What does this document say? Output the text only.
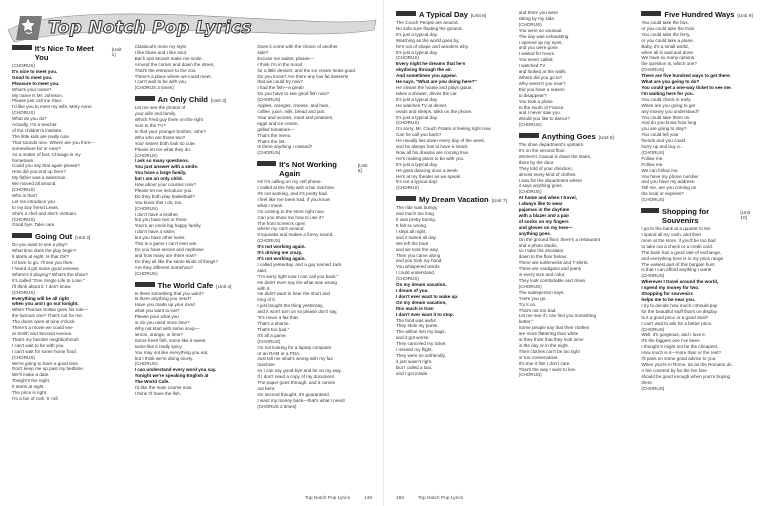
Top Notch Pop Lyrics
It's Nice To Meet You
[Unit 1]
(CHORUS)
It's nice to meet you.
Good to meet you.
Pleasure to meet you.
What's your name?
My name is Mr. Johnson.
Please just call me Stan.
I'd like you to meet my wife, Mary Anne.
(CHORUS)
What do you do?
Actually, I'm a teacher
of the children's institute.
The little kids are really cute.
That sounds nice. Where are you from—
somewhere far or near?
As a matter of fact, Chicago is my
hometown.
Could you say that again please?
How did you end up here?
My father was a salesman.
We moved all around.
(CHORUS)
Who is that?
Let me introduce you
to my boy friend Lewis.
She's a chef and she's Vietnam.
(CHORUS)
Good bye. Take care.
Going Out [Unit 2]
Do you want to see a play?
What time does the play begin?
It starts at eight. Is that OK?
I'd love to go. I'll see you then.
I heard it got some good reviews.
Where's it playing? What's the show?
It's called "One Single Life to Lose."
I'll think about it. I don't know.
(CHORUS)
Everything will be all right
when you and I go out tonight.
When Thomas Soltan goes his role—
the famous one? That's not for me.
The doors open at nine o'clock.
There's a movie we could see
at Smith and Second Avenue.
That's my favorite neighborhood!
I can't wait to be with you.
I can't wait for some home food.
(CHORUS)
We're going to have a good time.
Don't keep me up past my bedtime.
We'll make a date.
Tonight's the night.
It starts at eight.
The price is right.
I'm a fan of rock 'n' roll.
Classical's more my style.
I like blues and I like soul.
Bach and Mozart make me smile.
Around the corner and down the street,
That's the entrance to the zoo.
There's a place where we could meet.
I can't wait to be with you.
(CHORUS 2 times)
An Only Child [Unit 3]
Let me see the photos of
your wife and family.
Which Fred guy there on the right
next to the TV?
Is that your younger brother, John?
Who who are those two?
Your sisters both look so cute.
Please let me what they do.
(CHORUS)
I ask so many questions.
You just answer with a smile.
You have a large family,
but I am an only child.
How about your cousins now?
Please let me introduce you.
Do they both play basketball?
You know that I do, too.
(CHORUS)
I don't have a brother,
but you have two or three.
You're an uncle big happy family.
I don't have a sister,
but you have other twins.
This is a game I can't ever win.
Do you have nieces and nephews
and how many are there now?
Do they all like the same kinds of things?
Are they different somehow?
(CHORUS)
The World Cafe [Unit 4]
Is there something that you want?
Is there anything you need?
Have you made up your mind
what you want to eat?
Please pour what you
or do you need more time?
Why not start with some soup—
lemon, orange, or lime?
Some fresh fish, some like it sweet,
some like it really spicy.
You may not like everything you eat,
but I think we're doing nicely.
(CHORUS)
I can understand every word you say.
Tonight we're speaking English at
The World Cafe.
I'd like the main course now.
I think I'll have the fish.
Does it come with the choice of another
side?
Excuse me waiter, please—
I think I'm in the mood
for a little dessert, and the ice cream looks good.
Do you know? Are there any low fat desserts
that we could try now?
I had the fish—a great!
Do you have to see good fish now?
(CHORUS)
Apples, oranges, cheese, and ham,
coffee, juice, milk, bread and jam.
Your and scones, meat and potatoes,
eggs and ice cream,
grilled tomatoes—
That's the menu.
That's the list.
Is there anything I missed?
(CHORUS)
It's Not Working Again
[Unit 5]
Hi! I'm calling on my cell phone.
I called at the help with a fax machine.
It's not working, and it's pretty bad.
I feel like I've been had. If you know
what I mean.
I'm coming to the store right now.
Can you show me how to use it?
The front screen's open
where my cat's around.
It squeaks and makes a funny sound.
(CHORUS)
It's not working again.
It's driving me crazy.
It's not working again.
I called yesterday, and a guy named Jack
said,
"I'm sorry right now I can call you back."
He didn't even say the what was wrong
with it.
He didn't want to hear the short and
long of it.
I just bought the thing yesterday,
and it won't turn on so please don't say,
"It's never a fax that.
That's a shame.
That's too bad."
It's all a game.
(CHORUS)
I'm not looking for a laptop computer
or an RAM or a PDA.
Just tell me what's wrong with my fax
machine
so I can say good-bye and be on my way.
If I don't need a copy of my document.
The paper goes through, and it comes
out bent.
On second thought, it's guaranteed.
I want my money back—that's what I need!
(CHORUS 2 times)
Top Notch Pop Lyrics	149
A Typical Day [Unit 6]
The Couch People are around.
No sofa sure floating the ground.
It's just a typical day.
Watching as the world goes by,
he's out of shape and wonders why.
It's just a typical day.
(CHORUS)
Every night he dreams that he's
skydiving through the air.
And sometimes you appear.
He says, "What are you doing here?"
He cleans the house and plays guitar,
takes a shower, drives the car.
It's just a typical day.
He watches TV at dinner,
reads and sleeps, talks on the phone.
It's just a typical day.
(CHORUS)
I'm sorry, Mr. Couch Potato is feeling right now.
Can he call you back?
He usually lies down every day of the week,
and he always has to have a snack.
Now all his dreams are coming true.
He's making plans to be with you.
It's just a typical day.
He goes dancing once a week.
He's at my theater as we speak.
It's not a typical day!
(CHORUS)
My Dream Vacation [Unit 7]
The ride was bumpy
and much too long.
It was pretty boring.
It felt so wrong.
I slept all night,
and it rained all day.
We left the boat
and we took the way.
Then you came along
and you took my hand.
You whispered words
I could understand.
(CHORUS)
On my dream vacation,
I dream of you.
I don't ever want to wake up.
On my dream vacation,
this much is true:
I don't ever want it to stop.
The food was awful.
They stole my purse.
The airline lost my bags,
and it got worse.
They canceled my ticket.
I missed my flight.
They were so unfriendly,
it just wasn't right.
But I called a taxi,
and I got inside.
and there you were
sitting by my side.
(CHORUS)
You were so unusual.
The day was exhausting.
I opened up my eyes,
and you were gone.
I waited for hours.
You never called.
I watched TV
and looked at the walls.
Where did you go to?
Why weren't you near?
Did you have a reason
to disappear?
You took a plane
to the south of France,
and I never saw you.
Would you like to dance?
(CHORUS)
Anything Goes [Unit 8]
The shoe department's upstairs.
It's on the second floor.
Women's Casual is down the stairs,
there by the door.
They told of your direction,
almost every kind of clothes.
I saw for the department where
it says anything goes.
(CHORUS)
At home and when I travel,
I always like to wear
pajamas in the daytime
with a blazer and a pair
of socks on my fingers
and gloves on my toes—
anything goes.
On the ground floor, there's a restaurant
and a photo studio,
so I take the escalator
down to the floor below.
There are turtlenecks and T-shirts.
There are cardigans and jeans
in every size and color.
They look comfortable and clean.
(CHORUS)
The salesperson says,
"Here you go.
Try it on.
That's not too bad.
Let me see if I can find you something
better."
Some people say that their clothes
are more flattering than white
or they think that they look nicer
in the day or in the night.
Their clothes can't be too tight
or too conservative.
It's true it fits! I don't care.
That's the way I want to live.
(CHORUS)
Five Hundred Ways [Unit 9]
You could take the bus,
or you could take the train.
You could take the ferry,
or you could take a plane.
Baby, it's a small world,
when all is said and done.
We have so many options,
the question is, which one?
(CHORUS)
There are five hundred ways to get there.
What are you going to do?
You could get a one-way ticket to see me.
I'm waiting here for you.
You could check in early.
When are you going to get
any money you understand?
You could take them on.
And do you know how long
you are going to stay?
You could tell your
friends and you could
hurry up and buy a...
(CHORUS)
Follow me.
Follow me.
We can follow me.
You have my phone number
and you have my address.
Tell me, are you coming on
the local or express?
(CHORUS)
Shopping for Souvenirs
[Unit 10]
I go to the bank at a quarter to ten
I spend all my cash, and then
more at the store, if you'll be too bad
to take out a check or a credit card.
The bank has a good rate of exchange,
and everything here is in my price range.
The easiest part of this bargain hunt
is that I can afford anything I want!
(CHORUS)
Wherever I travel around the world,
I spend my money for two.
Shopping for souvenirs
helps me to be near you.
I try to decide how much I should pay
for the beautiful stuff that's on display.
Is it a good price or a good deal?
I can't wait to ask for a better price.
(CHORUS)
Well, it's gorgeous, and I love it.
It's the biggest one I've been.
I thought it might not be the cheapest.
How much is it—more than or the rest?
I'll pass on some good advice to you:
When you're in Rome, do as the Romans do.
A fee covered by far the fee fare
should be good enough when you're buying
there.
(CHORUS)
150	Top Notch Pop Lyrics
